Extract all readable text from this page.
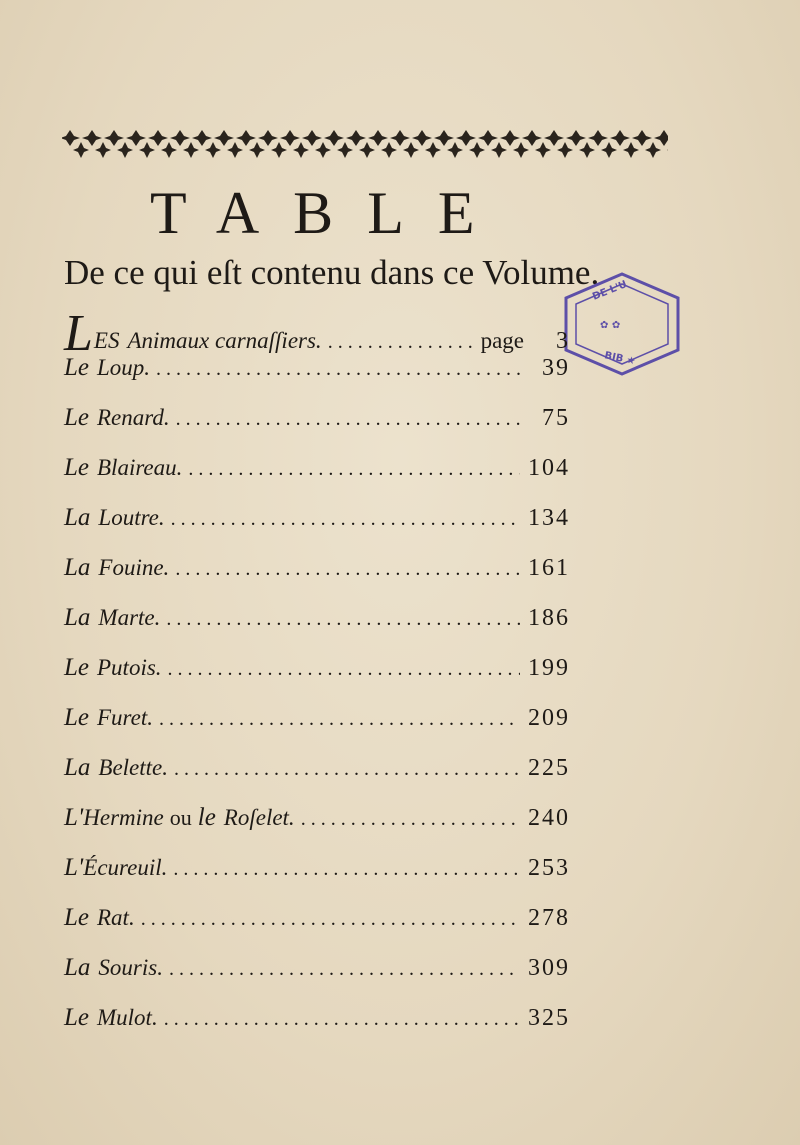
TABLE
De ce qui eſt contenu dans ce Volume.
DE L'U
✿ ✿
BIB ★
L ES Animaux carnaſſiers. . . .	page	3
Le Loup. . . .	39
Le Renard. . . .	75
Le Blaireau. . . .	104
La Loutre. . . .	134
La Fouine. . . .	161
La Marte. . . .	186
Le Putois. . . .	199
Le Furet. . . .	209
La Belette. . . .	225
L' Hermine ou le Roſelet. . . .	240
L' Écureuil. . . .	253
Le Rat. . . .	278
La Souris. . . .	309
Le Mulot. . . .	325
